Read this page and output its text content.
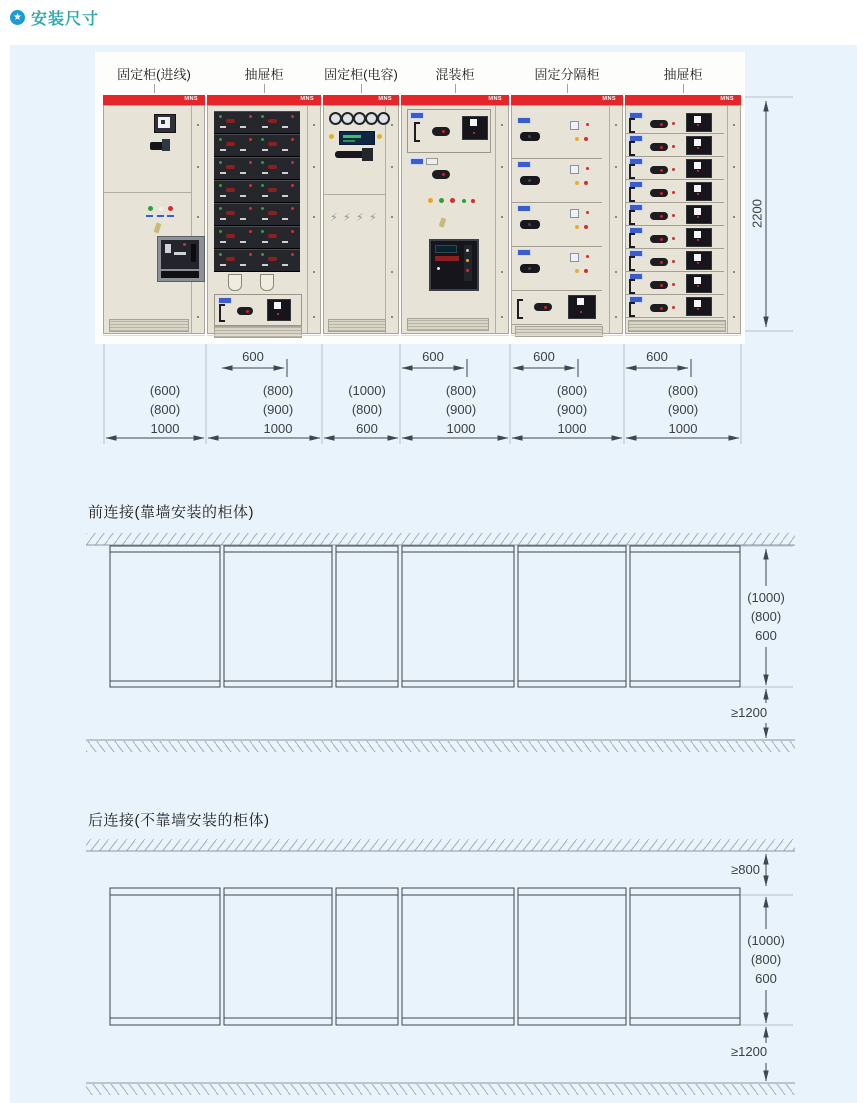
★ 安装尺寸
固定柜(进线)
MNS
抽屉柜
MNS
固定柜(电容)
MNS
⚡ ⚡ ⚡ ⚡
混装柜
MNS
固定分隔柜
MNS
抽屉柜
MNS
2200
600	600	600	600
(600)
(800)
1000
(800)
(900)
1000
(1000)
(800)
600
(800)
(900)
1000
(800)
(900)
1000
(800)
(900)
1000
前连接(靠墙安装的柜体)
(1000)
(800)
600
≥1200
后连接(不靠墙安装的柜体)
≥800
(1000)
(800)
600
≥1200
